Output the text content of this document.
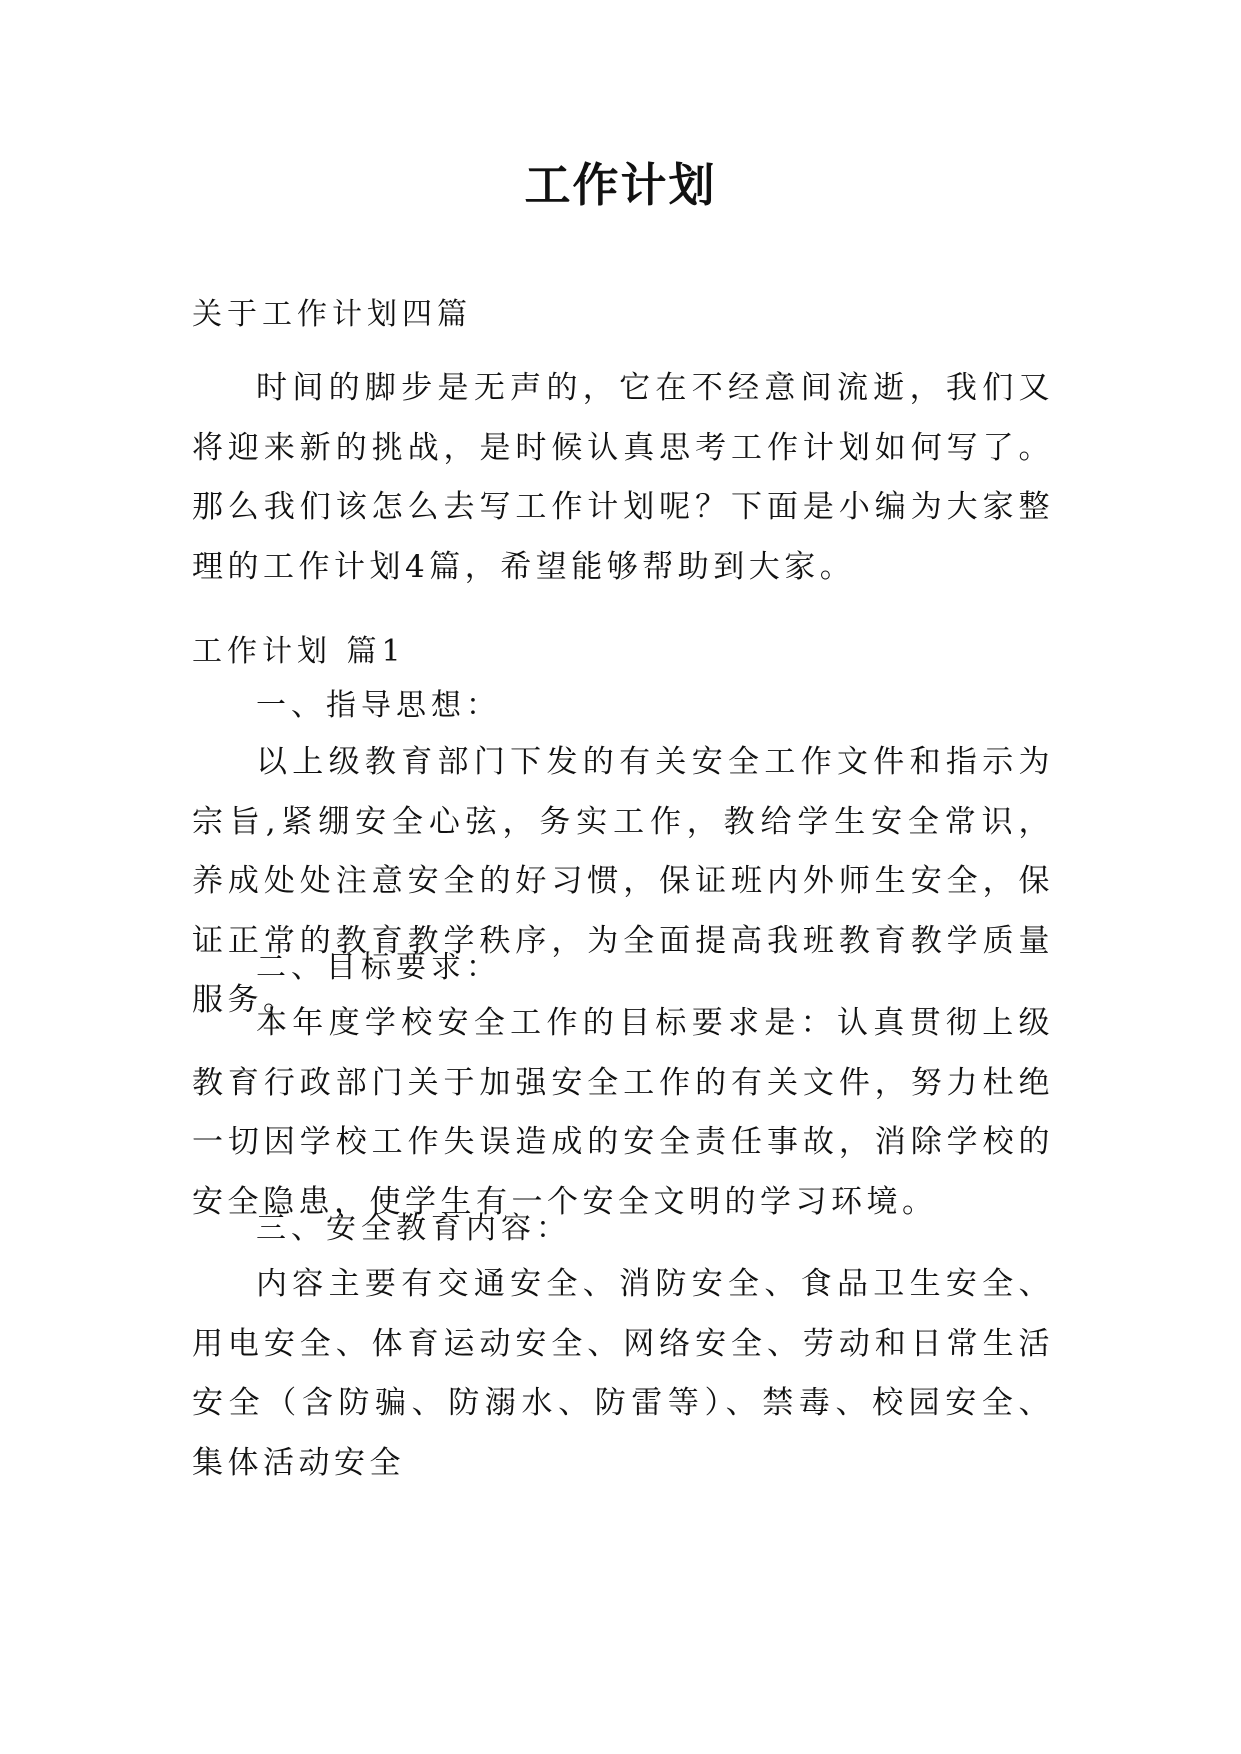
工作计划

关于工作计划四篇

时间的脚步是无声的，它在不经意间流逝，我们又将迎来新的挑战，是时候认真思考工作计划如何写了。那么我们该怎么去写工作计划呢？下面是小编为大家整理的工作计划4篇，希望能够帮助到大家。

工作计划 篇1

一、指导思想：

以上级教育部门下发的有关安全工作文件和指示为宗旨,紧绷安全心弦，务实工作，教给学生安全常识，养成处处注意安全的好习惯，保证班内外师生安全，保证正常的教育教学秩序，为全面提高我班教育教学质量服务。

二、目标要求：

本年度学校安全工作的目标要求是：认真贯彻上级教育行政部门关于加强安全工作的有关文件，努力杜绝一切因学校工作失误造成的安全责任事故，消除学校的安全隐患，使学生有一个安全文明的学习环境。

三、安全教育内容：

内容主要有交通安全、消防安全、食品卫生安全、用电安全、体育运动安全、网络安全、劳动和日常生活安全（含防骗、防溺水、防雷等）、禁毒、校园安全、集体活动安全
